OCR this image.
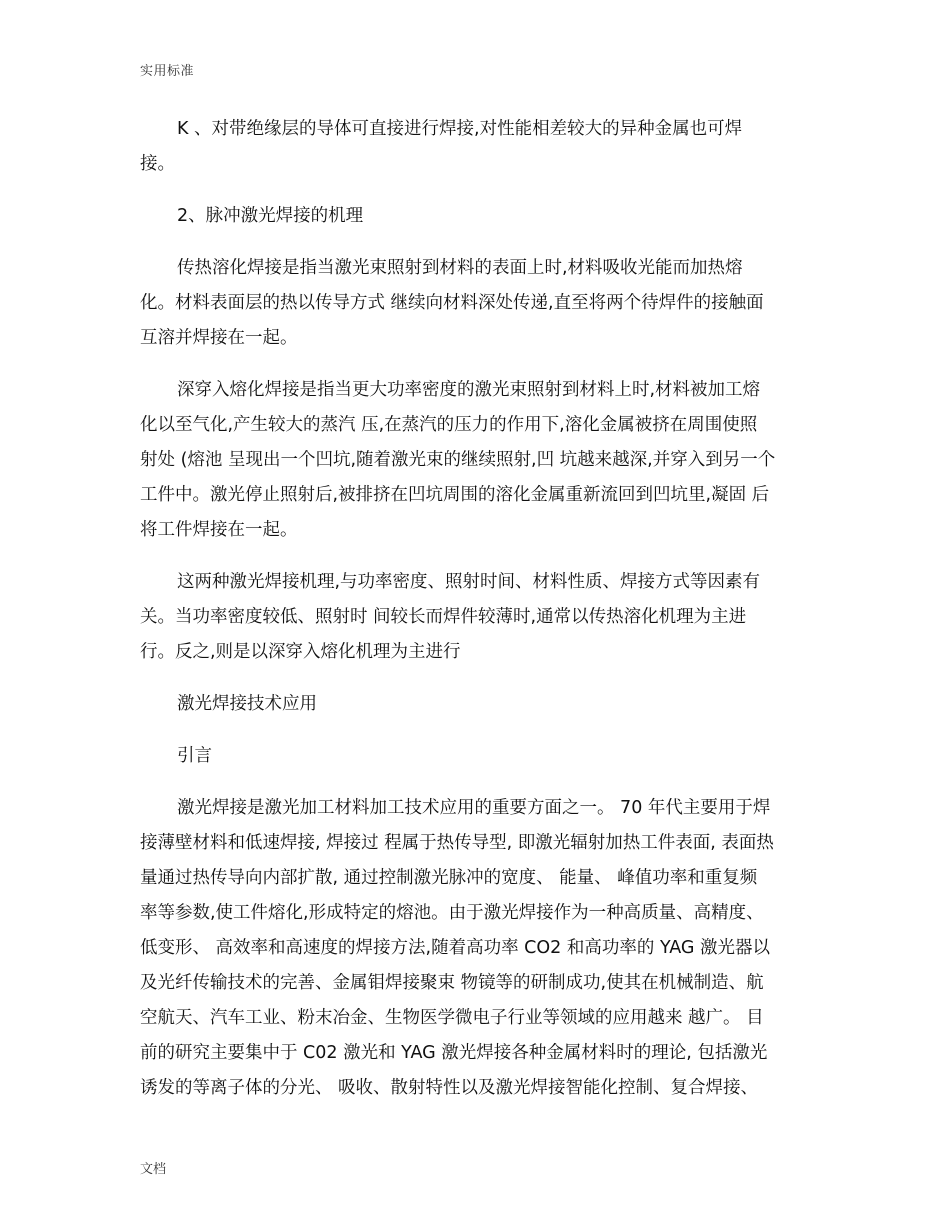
实用标准

K 、对带绝缘层的导体可直接进行焊接,对性能相差较大的异种金属也可焊
接。

2、脉冲激光焊接的机理

传热溶化焊接是指当激光束照射到材料的表面上时,材料吸收光能而加热熔
化。材料表面层的热以传导方式 继续向材料深处传递,直至将两个待焊件的接触面
互溶并焊接在一起。

深穿入熔化焊接是指当更大功率密度的激光束照射到材料上时,材料被加工熔
化以至气化,产生较大的蒸汽 压,在蒸汽的压力的作用下,溶化金属被挤在周围使照
射处 (熔池 呈现出一个凹坑,随着激光束的继续照射,凹 坑越来越深,并穿入到另一个
工件中。激光停止照射后,被排挤在凹坑周围的溶化金属重新流回到凹坑里,凝固 后
将工件焊接在一起。

这两种激光焊接机理,与功率密度、照射时间、材料性质、焊接方式等因素有
关。当功率密度较低、照射时 间较长而焊件较薄时,通常以传热溶化机理为主进
行。反之,则是以深穿入熔化机理为主进行

激光焊接技术应用

引言

激光焊接是激光加工材料加工技术应用的重要方面之一。 70 年代主要用于焊
接薄壁材料和低速焊接, 焊接过 程属于热传导型, 即激光辐射加热工件表面, 表面热
量通过热传导向内部扩散, 通过控制激光脉冲的宽度、 能量、 峰值功率和重复频
率等参数,使工件熔化,形成特定的熔池。由于激光焊接作为一种高质量、高精度、
低变形、 高效率和高速度的焊接方法,随着高功率 CO2 和高功率的 YAG 激光器以
及光纤传输技术的完善、金属钼焊接聚束 物镜等的研制成功,使其在机械制造、航
空航天、汽车工业、粉末冶金、生物医学微电子行业等领域的应用越来 越广。 目
前的研究主要集中于 C02 激光和 YAG 激光焊接各种金属材料时的理论, 包括激光
诱发的等离子体的分光、 吸收、散射特性以及激光焊接智能化控制、复合焊接、

文档
